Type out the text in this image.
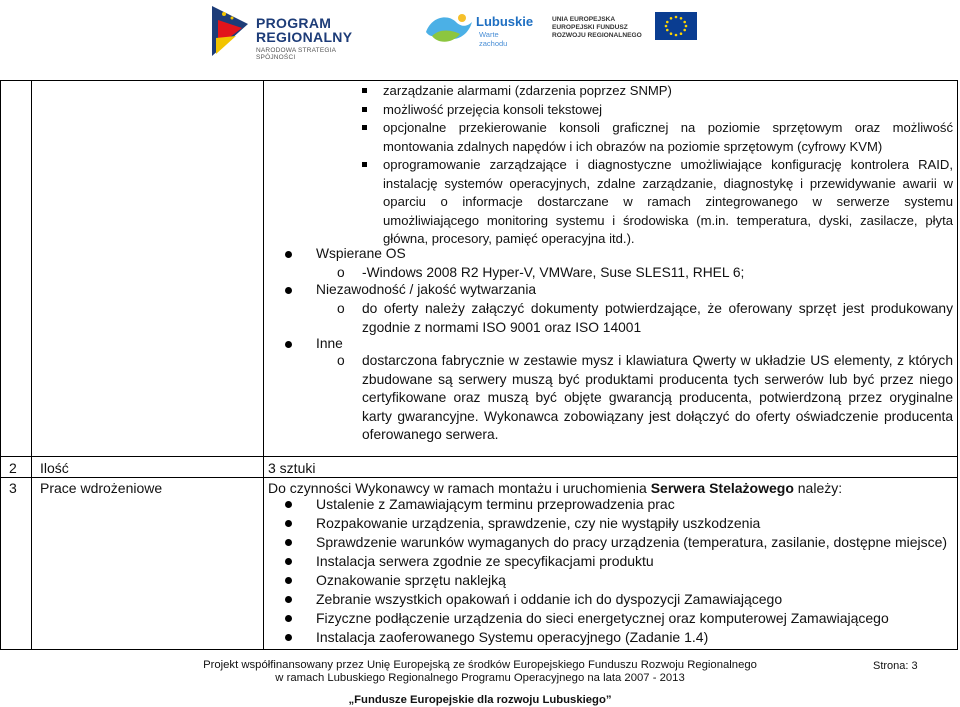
PROGRAM
REGIONALNY
NARODOWA STRATEGIA SPÓJNOŚCI
Lubuskie
Warte zachodu
UNIA EUROPEJSKA
EUROPEJSKI FUNDUSZ
ROZWOJU REGIONALNEGO
zarządzanie alarmami (zdarzenia poprzez SNMP)
możliwość przejęcia konsoli tekstowej
opcjonalne przekierowanie konsoli graficznej na poziomie sprzętowym oraz możliwość montowania zdalnych napędów i ich obrazów na poziomie sprzętowym (cyfrowy KVM)
oprogramowanie zarządzające i diagnostyczne umożliwiające konfigurację kontrolera RAID, instalację systemów operacyjnych, zdalne zarządzanie, diagnostykę i przewidywanie awarii w oparciu o informacje dostarczane w ramach zintegrowanego w serwerze systemu umożliwiającego monitoring systemu i środowiska (m.in. temperatura, dyski, zasilacze, płyta główna, procesory, pamięć operacyjna itd.).
Wspierane OS
o -Windows 2008 R2 Hyper-V, VMWare, Suse SLES11, RHEL 6;
Niezawodność / jakość wytwarzania
o do oferty należy załączyć dokumenty potwierdzające, że oferowany sprzęt jest produkowany zgodnie z normami ISO 9001 oraz ISO 14001
Inne
o dostarczona fabrycznie w zestawie mysz i klawiatura Qwerty w układzie US elementy, z których zbudowane są serwery muszą być produktami producenta tych serwerów lub być przez niego certyfikowane oraz muszą być objęte gwarancją producenta, potwierdzoną przez oryginalne karty gwarancyjne. Wykonawca zobowiązany jest dołączyć do oferty oświadczenie producenta oferowanego serwera.
2 Ilość	3 sztuki
3 Prace wdrożeniowe	Do czynności Wykonawcy w ramach montażu i uruchomienia Serwera Stelażowego należy:
Ustalenie z Zamawiającym terminu przeprowadzenia prac
Rozpakowanie urządzenia, sprawdzenie, czy nie wystąpiły uszkodzenia
Sprawdzenie warunków wymaganych do pracy urządzenia (temperatura, zasilanie, dostępne miejsce)
Instalacja serwera zgodnie ze specyfikacjami produktu
Oznakowanie sprzętu naklejką
Zebranie wszystkich opakowań i oddanie ich do dyspozycji Zamawiającego
Fizyczne podłączenie urządzenia do sieci energetycznej oraz komputerowej Zamawiającego
Instalacja zaoferowanego Systemu operacyjnego (Zadanie 1.4)
Projekt współfinansowany przez Unię Europejską ze środków Europejskiego Funduszu Rozwoju Regionalnego
w ramach Lubuskiego Regionalnego Programu Operacyjnego na lata 2007 - 2013
„Fundusze Europejskie dla rozwoju Lubuskiego”
Strona: 3
